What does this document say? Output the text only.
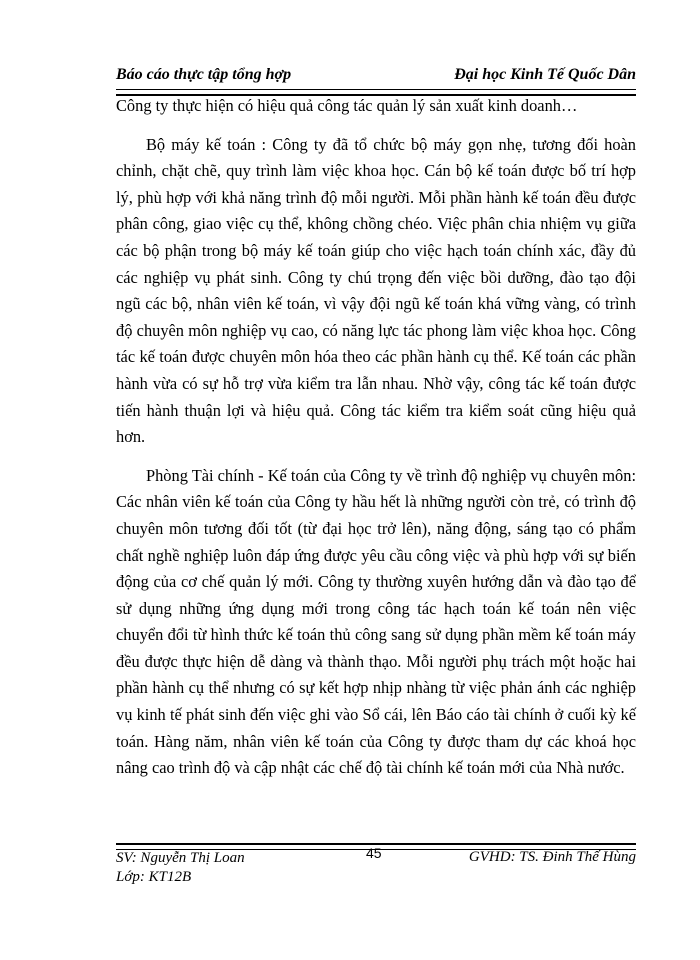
Báo cáo thực tập tổng hợp	Đại học Kinh Tế Quốc Dân

Công ty thực hiện có hiệu quả công tác quản lý sản xuất kinh doanh…

Bộ máy kế toán : Công ty đã tổ chức bộ máy gọn nhẹ, tương đối hoàn chỉnh, chặt chẽ, quy trình làm việc khoa học. Cán bộ kế toán được bố trí hợp lý, phù hợp với khả năng trình độ mỗi người. Mỗi phần hành kế toán đều được phân công, giao việc cụ thể, không chồng chéo. Việc phân chia nhiệm vụ giữa các bộ phận trong bộ máy kế toán giúp cho việc hạch toán chính xác, đầy đủ các nghiệp vụ phát sinh. Công ty chú trọng đến việc bồi dưỡng, đào tạo đội ngũ các bộ, nhân viên kế toán, vì vậy đội ngũ kế toán khá vững vàng, có trình độ chuyên môn nghiệp vụ cao, có năng lực tác phong làm việc khoa học. Công tác kế toán được chuyên môn hóa theo các phần hành cụ thể. Kế toán các phần hành vừa có sự hỗ trợ vừa kiểm tra lẫn nhau. Nhờ vậy, công tác kế toán được tiến hành thuận lợi và hiệu quả. Công tác kiểm tra kiểm soát cũng hiệu quả hơn.

Phòng Tài chính - Kế toán của Công ty về trình độ nghiệp vụ chuyên môn: Các nhân viên kế toán của Công ty hầu hết là những người còn trẻ, có trình độ chuyên môn tương đối tốt (từ đại học trở lên), năng động, sáng tạo có phẩm chất nghề nghiệp luôn đáp ứng được yêu cầu công việc và phù hợp với sự biến động của cơ chế quản lý mới. Công ty thường xuyên hướng dẫn và đào tạo để sử dụng những ứng dụng mới trong công tác hạch toán kế toán nên việc chuyển đổi từ hình thức kế toán thủ công sang sử dụng phần mềm kế toán máy đều được thực hiện dễ dàng và thành thạo. Mỗi người phụ trách một hoặc hai phần hành cụ thể nhưng có sự kết hợp nhịp nhàng từ việc phản ánh các nghiệp vụ kinh tế phát sinh đến việc ghi vào Sổ cái, lên Báo cáo tài chính ở cuối kỳ kế toán. Hàng năm, nhân viên kế toán của Công ty được tham dự các khoá học nâng cao trình độ và cập nhật các chế độ tài chính kế toán mới của Nhà nước.

SV: Nguyễn Thị Loan
Lớp: KT12B
45	GVHD: TS. Đinh Thế Hùng
